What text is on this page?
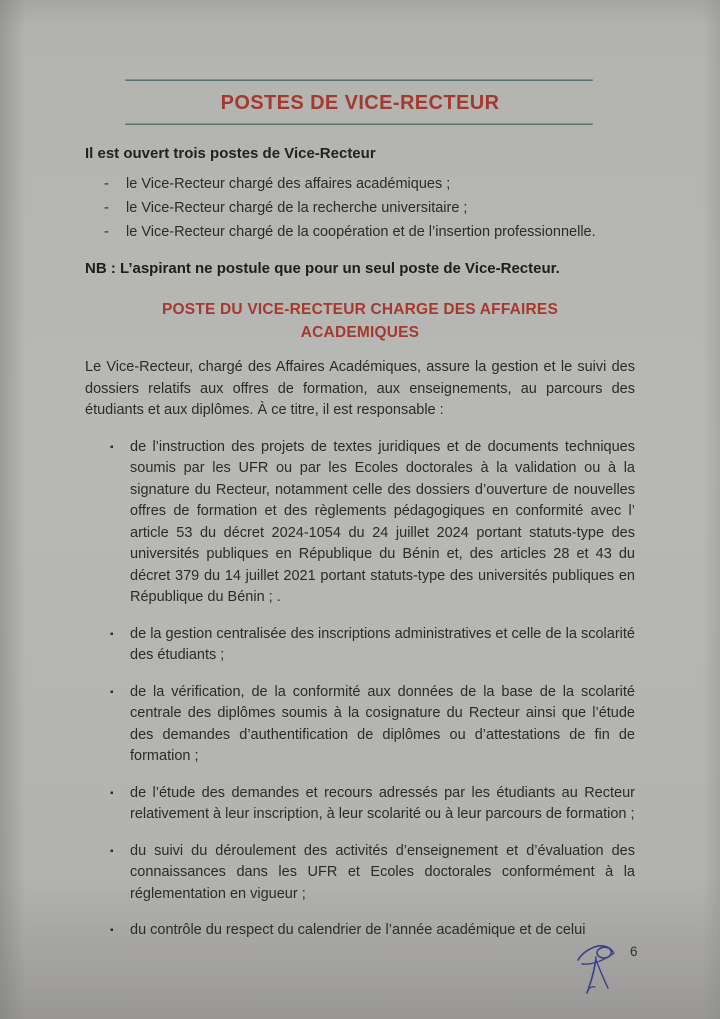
POSTES DE VICE-RECTEUR
Il est ouvert trois postes de Vice-Recteur
-
le Vice-Recteur chargé des affaires académiques ;
-
le Vice-Recteur chargé de la recherche universitaire ;
-
le Vice-Recteur chargé de la coopération et de l’insertion professionnelle.
NB : L’aspirant ne postule que pour un seul poste de Vice-Recteur.
POSTE DU VICE-RECTEUR CHARGE DES AFFAIRES ACADEMIQUES
Le Vice-Recteur, chargé des Affaires Académiques, assure la gestion et le suivi des dossiers relatifs aux offres de formation, aux enseignements, au parcours des étudiants et aux diplômes. À ce titre, il est responsable :
▪
de l’instruction des projets de textes juridiques et de documents techniques soumis par les UFR ou par les Ecoles doctorales à la validation ou à la signature du Recteur, notamment celle des dossiers d’ouverture de nouvelles offres de formation et des règlements pédagogiques en conformité avec l’ article 53 du décret 2024-1054 du 24 juillet 2024 portant statuts-type des universités publiques en République du Bénin et, des articles 28 et 43 du décret 379 du 14 juillet 2021 portant statuts-type des universités publiques en République du Bénin ; .
▪
de la gestion centralisée des inscriptions administratives et celle de la scolarité des étudiants ;
▪
de la vérification, de la conformité aux données de la base de la scolarité centrale des diplômes soumis à la cosignature du Recteur ainsi que l’étude des demandes d’authentification de diplômes ou d’attestations de fin de formation ;
▪
de l’étude des demandes et recours adressés par les étudiants au Recteur relativement à leur inscription, à leur scolarité ou à leur parcours de formation ;
▪
du suivi du déroulement des activités d’enseignement et d’évaluation des connaissances dans les UFR et Ecoles doctorales conformément à la réglementation en vigueur ;
▪
du contrôle du respect du calendrier de l’année académique et de celui
6
